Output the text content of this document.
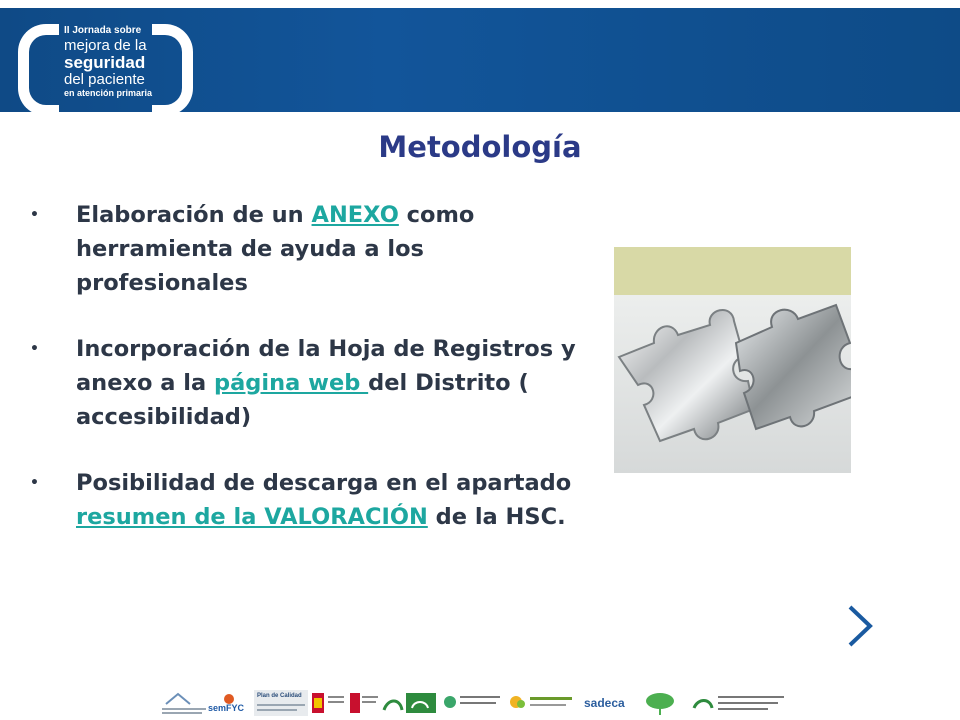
II Jornada sobre
mejora de la
seguridad
del paciente
en atención primaria
Metodología
• Elaboración de un ANEXO como herramienta de ayuda a los profesionales
• Incorporación de la Hoja de Registros y anexo a la página web del Distrito ( accesibilidad)
• Posibilidad de descarga en el apartado resumen de la VALORACIÓN de la HSC.
semFYC
Plan de Calidad	sadeca
